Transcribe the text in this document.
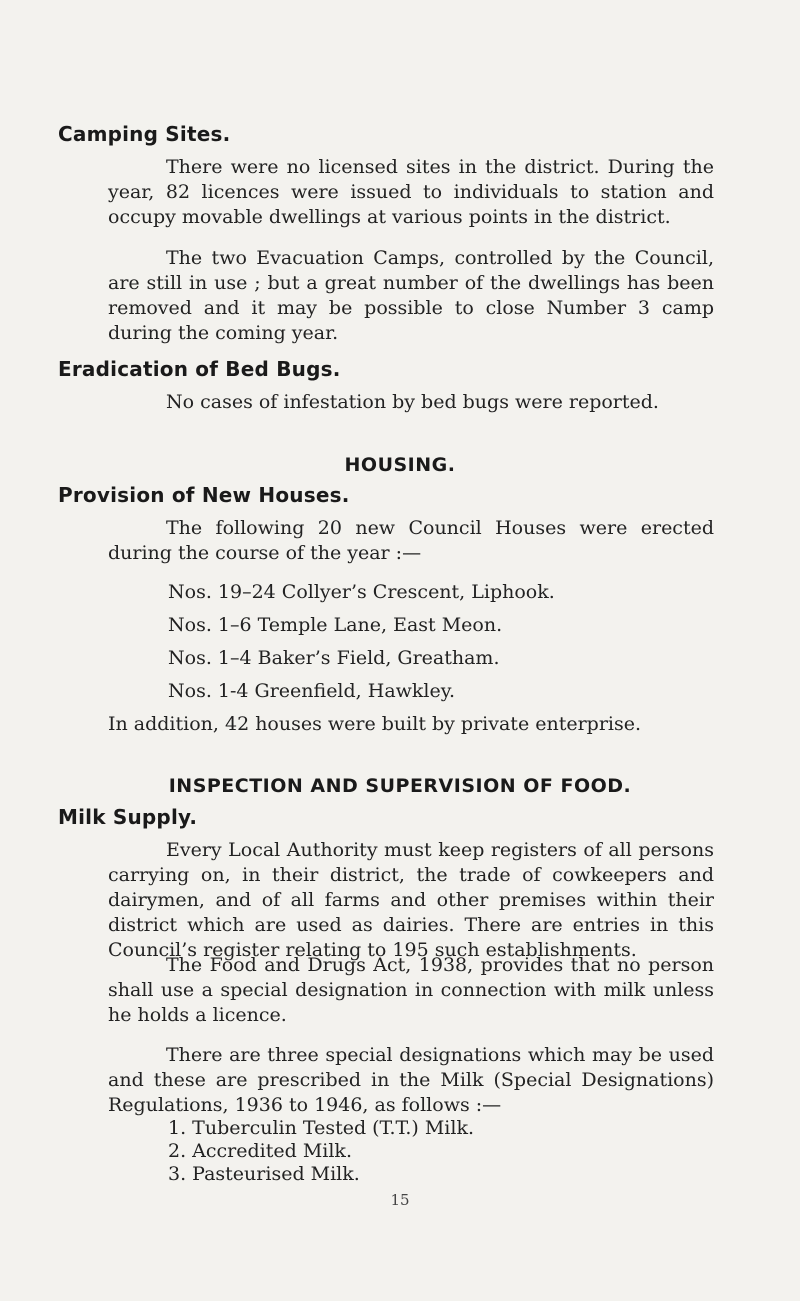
Camping Sites.

There were no licensed sites in the district. During the year, 82 licences were issued to individuals to station and occupy movable dwellings at various points in the district.

The two Evacuation Camps, controlled by the Council, are still in use ; but a great number of the dwellings has been removed and it may be possible to close Number 3 camp during the coming year.

Eradication of Bed Bugs.

No cases of infestation by bed bugs were reported.

HOUSING.
Provision of New Houses.

The following 20 new Council Houses were erected during the course of the year :—

Nos. 19–24 Collyer’s Crescent, Liphook.
Nos. 1–6 Temple Lane, East Meon.
Nos. 1–4 Baker’s Field, Greatham.
Nos. 1-4 Greenfield, Hawkley.
In addition, 42 houses were built by private enterprise.
INSPECTION AND SUPERVISION OF FOOD.
Milk Supply.

Every Local Authority must keep registers of all persons carrying on, in their district, the trade of cowkeepers and dairymen, and of all farms and other premises within their district which are used as dairies. There are entries in this Council’s register relating to 195 such establishments.

The Food and Drugs Act, 1938, provides that no person shall use a special designation in connection with milk unless he holds a licence.

There are three special designations which may be used and these are prescribed in the Milk (Special Designations) Regulations, 1936 to 1946, as follows :—

1. Tuberculin Tested (T.T.) Milk.
2. Accredited Milk.
3. Pasteurised Milk.
15
